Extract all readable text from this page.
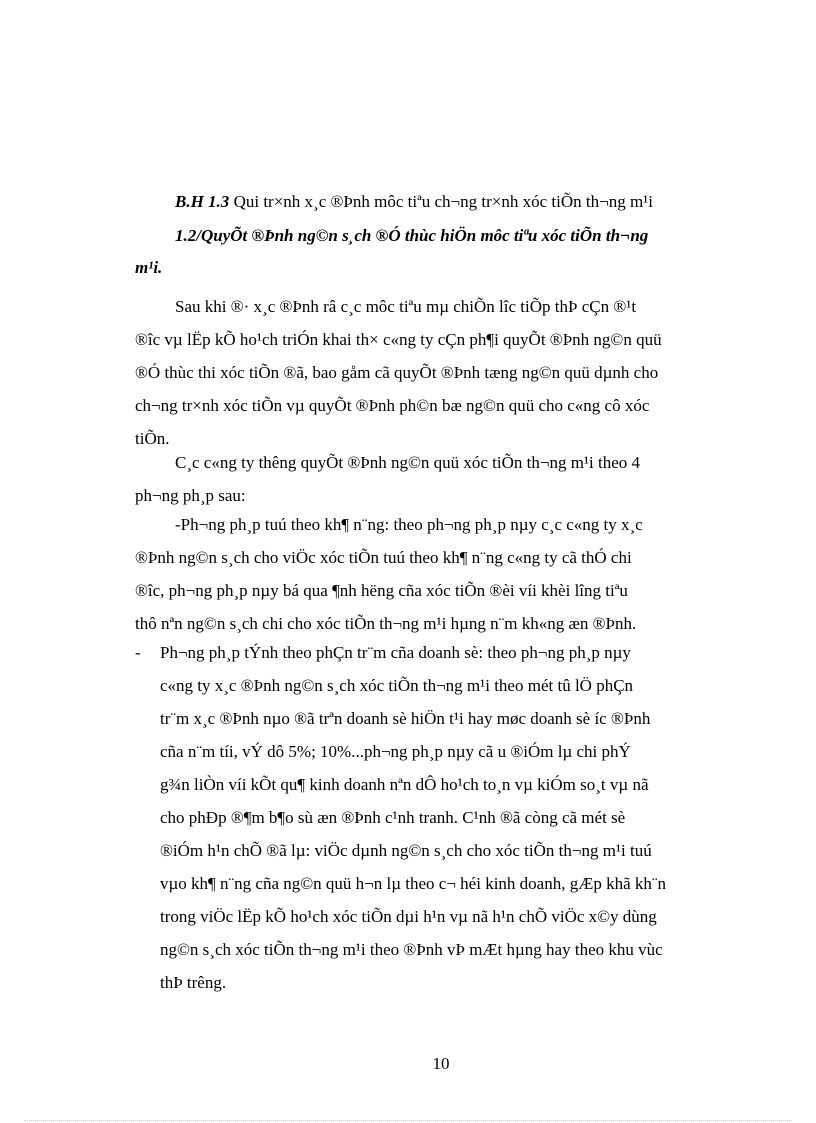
B.H 1.3 Qui tr×nh x¸c ®Þnh môc tiªu ch¬ng tr×nh xóc tiÕn th¬ng m¹i
1.2/QuyÕt ®Þnh ng©n s¸ch ®Ó thùc hiÖn môc tiªu xóc tiÕn th¬ng
m¹i.
Sau khi ®· x¸c ®Þnh râ c¸c môc tiªu mµ chiÕn lîc tiÕp thÞ cÇn ®¹t
®îc vµ lËp kÕ ho¹ch triÓn khai th× c«ng ty cÇn ph¶i quyÕt ®Þnh ng©n quü
®Ó thùc thi xóc tiÕn ®ã, bao gåm cã quyÕt ®Þnh tæng ng©n quü dµnh cho
ch¬ng tr×nh xóc tiÕn vµ quyÕt ®Þnh ph©n bæ ng©n quü cho c«ng cô xóc
tiÕn.
C¸c c«ng ty thêng quyÕt ®Þnh ng©n quü xóc tiÕn th¬ng m¹i theo 4
ph¬ng ph¸p sau:
-Ph¬ng ph¸p tuú theo kh¶ n¨ng: theo ph¬ng ph¸p nµy c¸c c«ng ty x¸c
®Þnh ng©n s¸ch cho viÖc xóc tiÕn tuú theo kh¶ n¨ng c«ng ty cã thÓ chi
®îc, ph¬ng ph¸p nµy bá qua ¶nh hëng cña xóc tiÕn ®èi víi khèi lîng tiªu
thô nªn ng©n s¸ch chi cho xóc tiÕn th¬ng m¹i hµng n¨m kh«ng æn ®Þnh.
- Ph¬ng ph¸p tÝnh theo phÇn tr¨m cña doanh sè: theo ph¬ng ph¸p nµy
c«ng ty x¸c ®Þnh ng©n s¸ch xóc tiÕn th¬ng m¹i theo mét tû lÖ phÇn
tr¨m x¸c ®Þnh nµo ®ã trªn doanh sè hiÖn t¹i hay møc doanh sè íc ®Þnh
cña n¨m tíi, vÝ dô 5%; 10%...ph¬ng ph¸p nµy cã u ®iÓm lµ chi phÝ
g¾n liÒn víi kÕt qu¶ kinh doanh nªn dÔ ho¹ch to¸n vµ kiÓm so¸t vµ nã
cho phÐp ®¶m b¶o sù æn ®Þnh c¹nh tranh. C¹nh ®ã còng cã mét sè
®iÓm h¹n chÕ ®ã lµ: viÖc dµnh ng©n s¸ch cho xóc tiÕn th¬ng m¹i tuú
vµo kh¶ n¨ng cña ng©n quü h¬n lµ theo c¬ héi kinh doanh, gÆp khã kh¨n
trong viÖc lËp kÕ ho¹ch xóc tiÕn dµi h¹n vµ nã h¹n chÕ viÖc x©y dùng
ng©n s¸ch xóc tiÕn th¬ng m¹i theo ®Þnh vÞ mÆt hµng hay theo khu vùc
thÞ trêng.
10
